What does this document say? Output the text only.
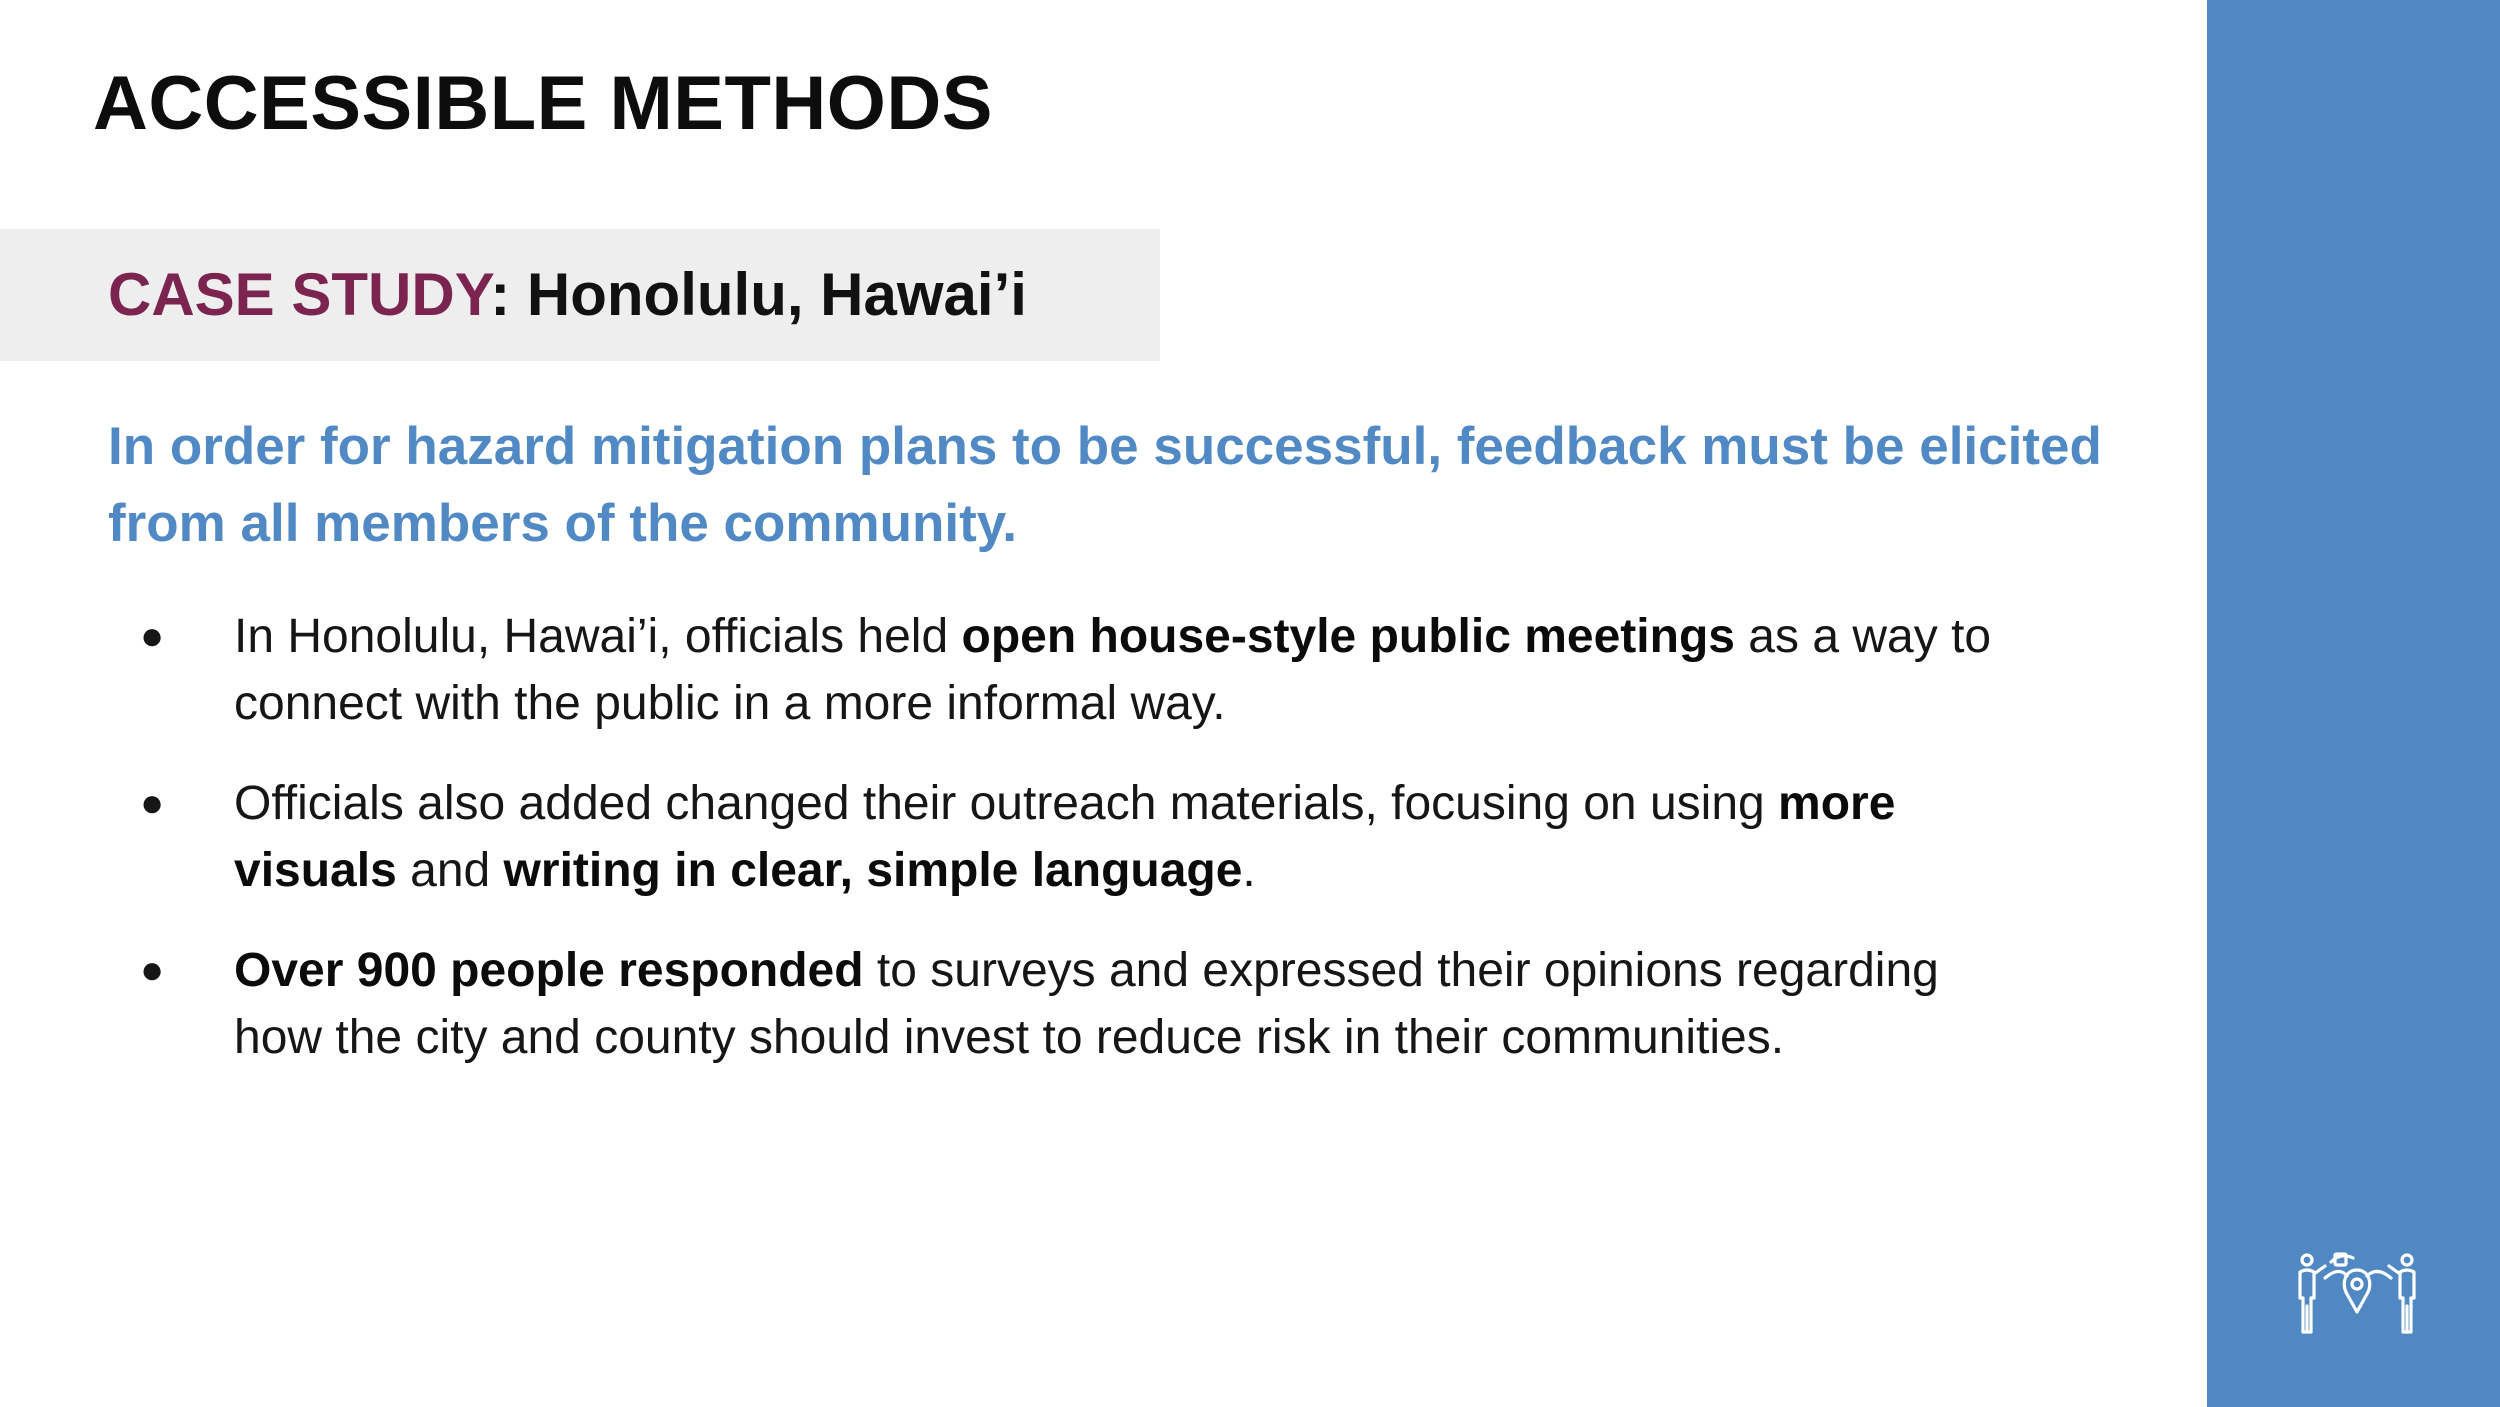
ACCESSIBLE METHODS
CASE STUDY: Honolulu, Hawai’i

In order for hazard mitigation plans to be successful, feedback must be elicited from all members of the community.

●	In Honolulu, Hawai’i, officials held open house-style public meetings as a way to connect with the public in a more informal way.
●	Officials also added changed their outreach materials, focusing on using more visuals and writing in clear, simple language.
●	Over 900 people responded to surveys and expressed their opinions regarding how the city and county should invest to reduce risk in their communities.
